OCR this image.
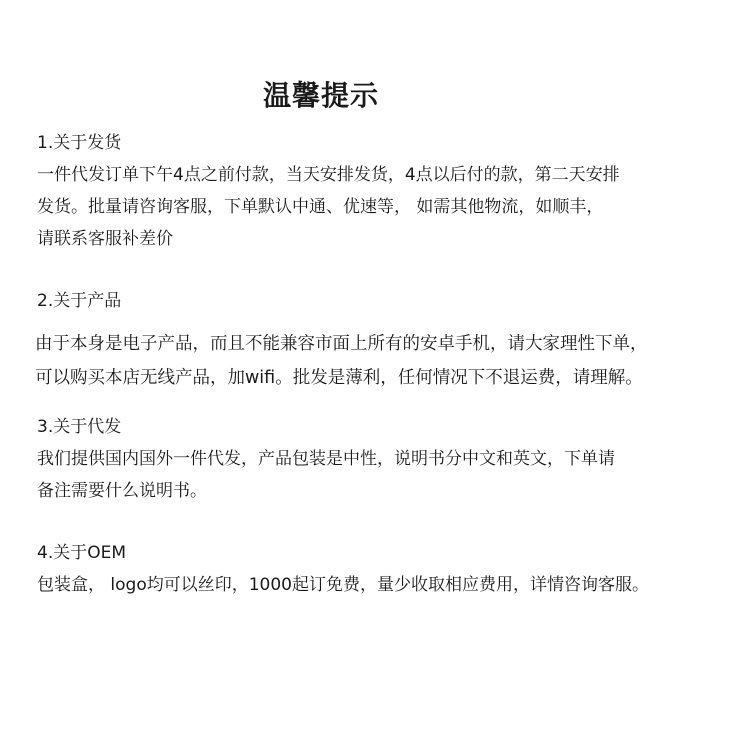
温馨提示
1.关于发货
一件代发订单下午4点之前付款，当天安排发货，4点以后付的款，第二天安排
发货。批量请咨询客服，下单默认中通、优速等， 如需其他物流，如顺丰，
请联系客服补差价
2.关于产品
由于本身是电子产品，而且不能兼容市面上所有的安卓手机，请大家理性下单，
可以购买本店无线产品，加wifi。批发是薄利，任何情况下不退运费，请理解。
3.关于代发
我们提供国内国外一件代发，产品包装是中性，说明书分中文和英文，下单请
备注需要什么说明书。
4.关于OEM
包装盒， logo均可以丝印，1000起订免费，量少收取相应费用，详情咨询客服。
